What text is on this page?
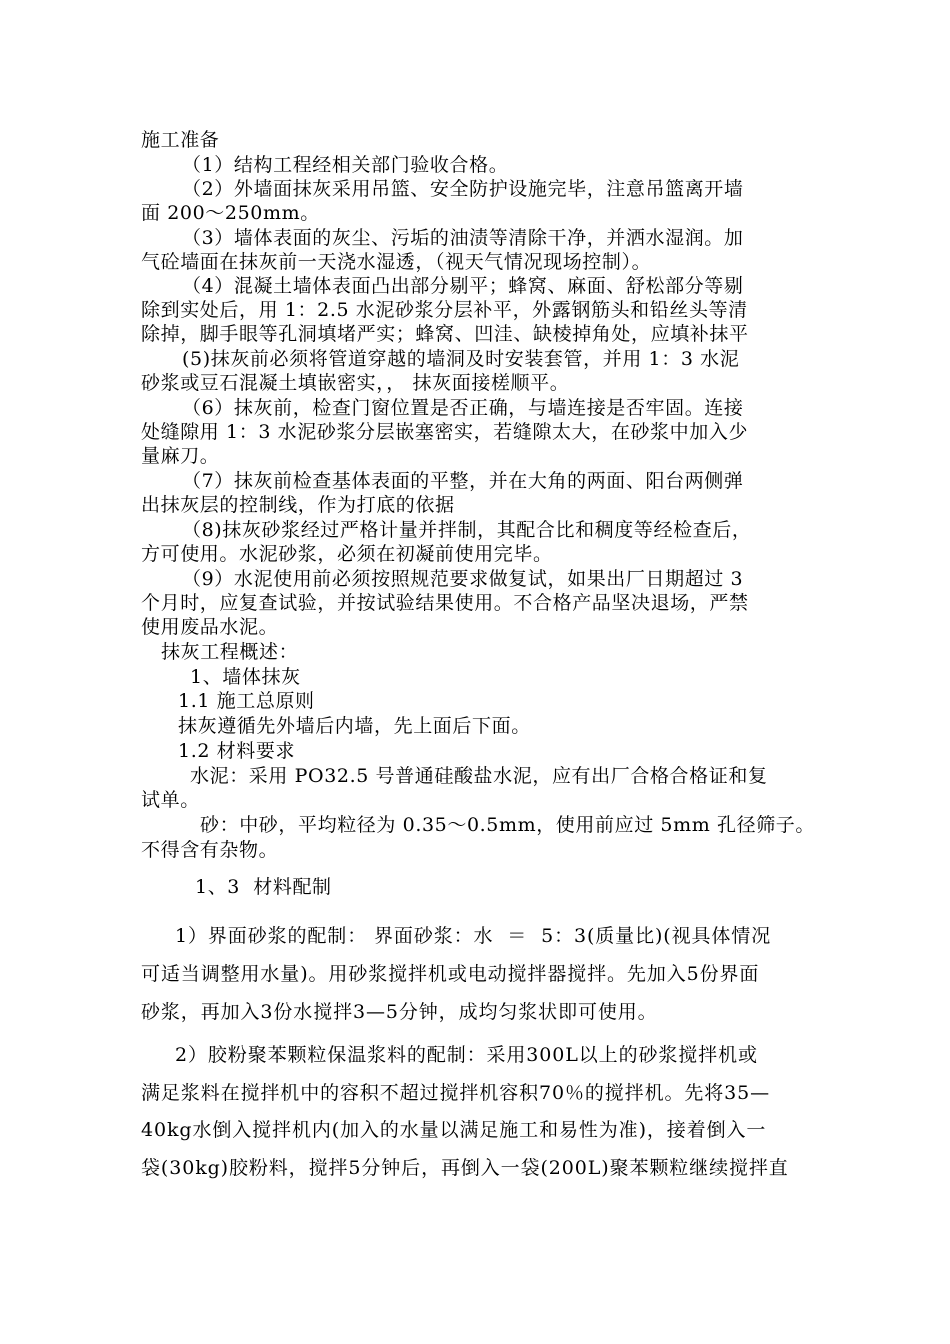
施工准备
（1）结构工程经相关部门验收合格。
（2）外墙面抹灰采用吊篮、安全防护设施完毕，注意吊篮离开墙
面 200～250mm。
（3）墙体表面的灰尘、污垢的油渍等清除干净，并洒水湿润。加
气砼墙面在抹灰前一天浇水湿透，（视天气情况现场控制）。
（4）混凝土墙体表面凸出部分剔平；蜂窝、麻面、舒松部分等剔
除到实处后，用 1：2.5 水泥砂浆分层补平，外露钢筋头和铅丝头等清
除掉，脚手眼等孔洞填堵严实；蜂窝、凹洼、缺棱掉角处，应填补抹平
(5)抹灰前必须将管道穿越的墙洞及时安装套管，并用 1：3 水泥
砂浆或豆石混凝土填嵌密实，， 抹灰面接槎顺平。
（6）抹灰前，检查门窗位置是否正确，与墙连接是否牢固。连接
处缝隙用 1：3 水泥砂浆分层嵌塞密实，若缝隙太大，在砂浆中加入少
量麻刀。
（7）抹灰前检查基体表面的平整，并在大角的两面、阳台两侧弹
出抹灰层的控制线，作为打底的依据
（8)抹灰砂浆经过严格计量并拌制，其配合比和稠度等经检查后，
方可使用。水泥砂浆，必须在初凝前使用完毕。
（9）水泥使用前必须按照规范要求做复试，如果出厂日期超过 3
个月时，应复查试验，并按试验结果使用。不合格产品坚决退场，严禁
使用废品水泥。
抹灰工程概述：
1、墙体抹灰
1.1 施工总原则
抹灰遵循先外墙后内墙，先上面后下面。
1.2 材料要求
水泥：采用 PO32.5 号普通硅酸盐水泥，应有出厂合格合格证和复
试单。
砂：中砂，平均粒径为 0.35～0.5mm，使用前应过 5mm 孔径筛子。
不得含有杂物。
1、3  材料配制
1）界面砂浆的配制： 界面砂浆：水  ＝  5：3(质量比)(视具体情况
可适当调整用水量)。用砂浆搅拌机或电动搅拌器搅拌。先加入5份界面
砂浆，再加入3份水搅拌3—5分钟，成均匀浆状即可使用。
2）胶粉聚苯颗粒保温浆料的配制：采用300L以上的砂浆搅拌机或
满足浆料在搅拌机中的容积不超过搅拌机容积70％的搅拌机。先将35—
40kg水倒入搅拌机内(加入的水量以满足施工和易性为准)，接着倒入一
袋(30kg)胶粉料，搅拌5分钟后，再倒入一袋(200L)聚苯颗粒继续搅拌直
